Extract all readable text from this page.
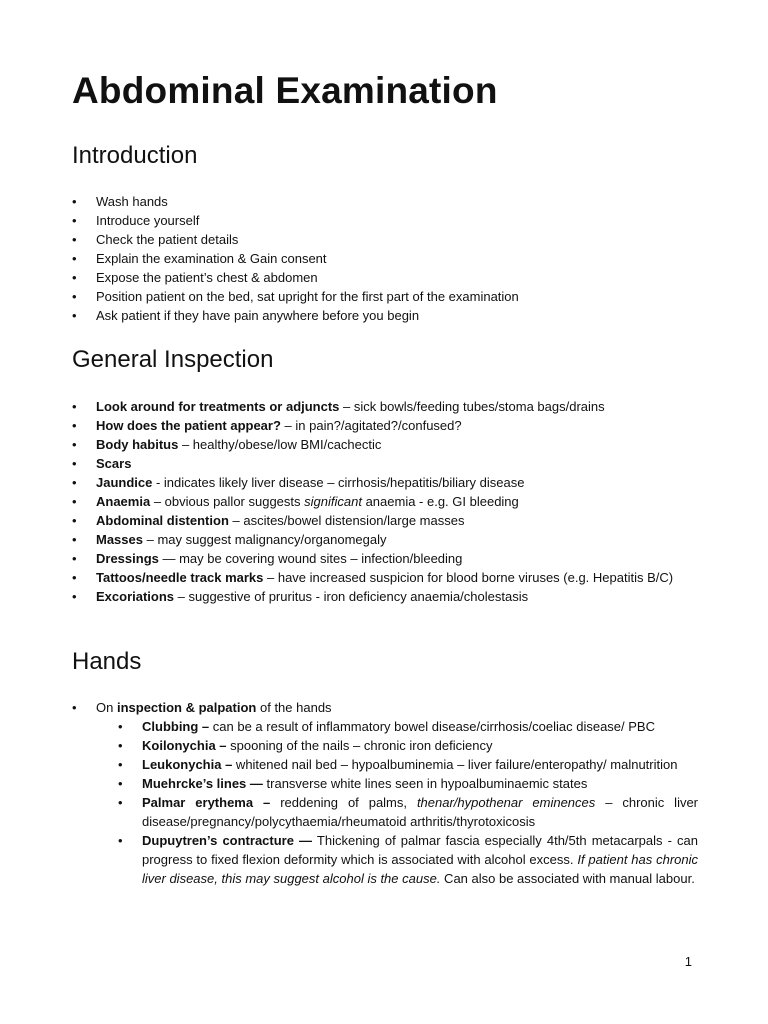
Abdominal Examination
Introduction
• Wash hands
• Introduce yourself
• Check the patient details
• Explain the examination & Gain consent
• Expose the patient’s chest & abdomen
• Position patient on the bed, sat upright for the first part of the examination
• Ask patient if they have pain anywhere before you begin
General Inspection
• Look around for treatments or adjuncts – sick bowls/feeding tubes/stoma bags/drains
• How does the patient appear? – in pain?/agitated?/confused?
• Body habitus – healthy/obese/low BMI/cachectic
• Scars
• Jaundice - indicates likely liver disease – cirrhosis/hepatitis/biliary disease
• Anaemia – obvious pallor suggests significant anaemia - e.g. GI bleeding
• Abdominal distention – ascites/bowel distension/large masses
• Masses – may suggest malignancy/organomegaly
• Dressings — may be covering wound sites – infection/bleeding
• Tattoos/needle track marks – have increased suspicion for blood borne viruses (e.g. Hepatitis B/C)
• Excoriations – suggestive of pruritus - iron deficiency anaemia/cholestasis
Hands
• On inspection & palpation of the hands
• Clubbing – can be a result of inflammatory bowel disease/cirrhosis/coeliac disease/ PBC
• Koilonychia – spooning of the nails – chronic iron deficiency
• Leukonychia – whitened nail bed – hypoalbuminemia – liver failure/enteropathy/ malnutrition
• Muehrcke’s lines — transverse white lines seen in hypoalbuminaemic states
• Palmar erythema – reddening of palms, thenar/hypothenar eminences – chronic liver disease/pregnancy/polycythaemia/rheumatoid arthritis/thyrotoxicosis
• Dupuytren’s contracture — Thickening of palmar fascia especially 4th/5th metacarpals - can progress to fixed flexion deformity which is associated with alcohol excess. If patient has chronic liver disease, this may suggest alcohol is the cause. Can also be associated with manual labour.
1
